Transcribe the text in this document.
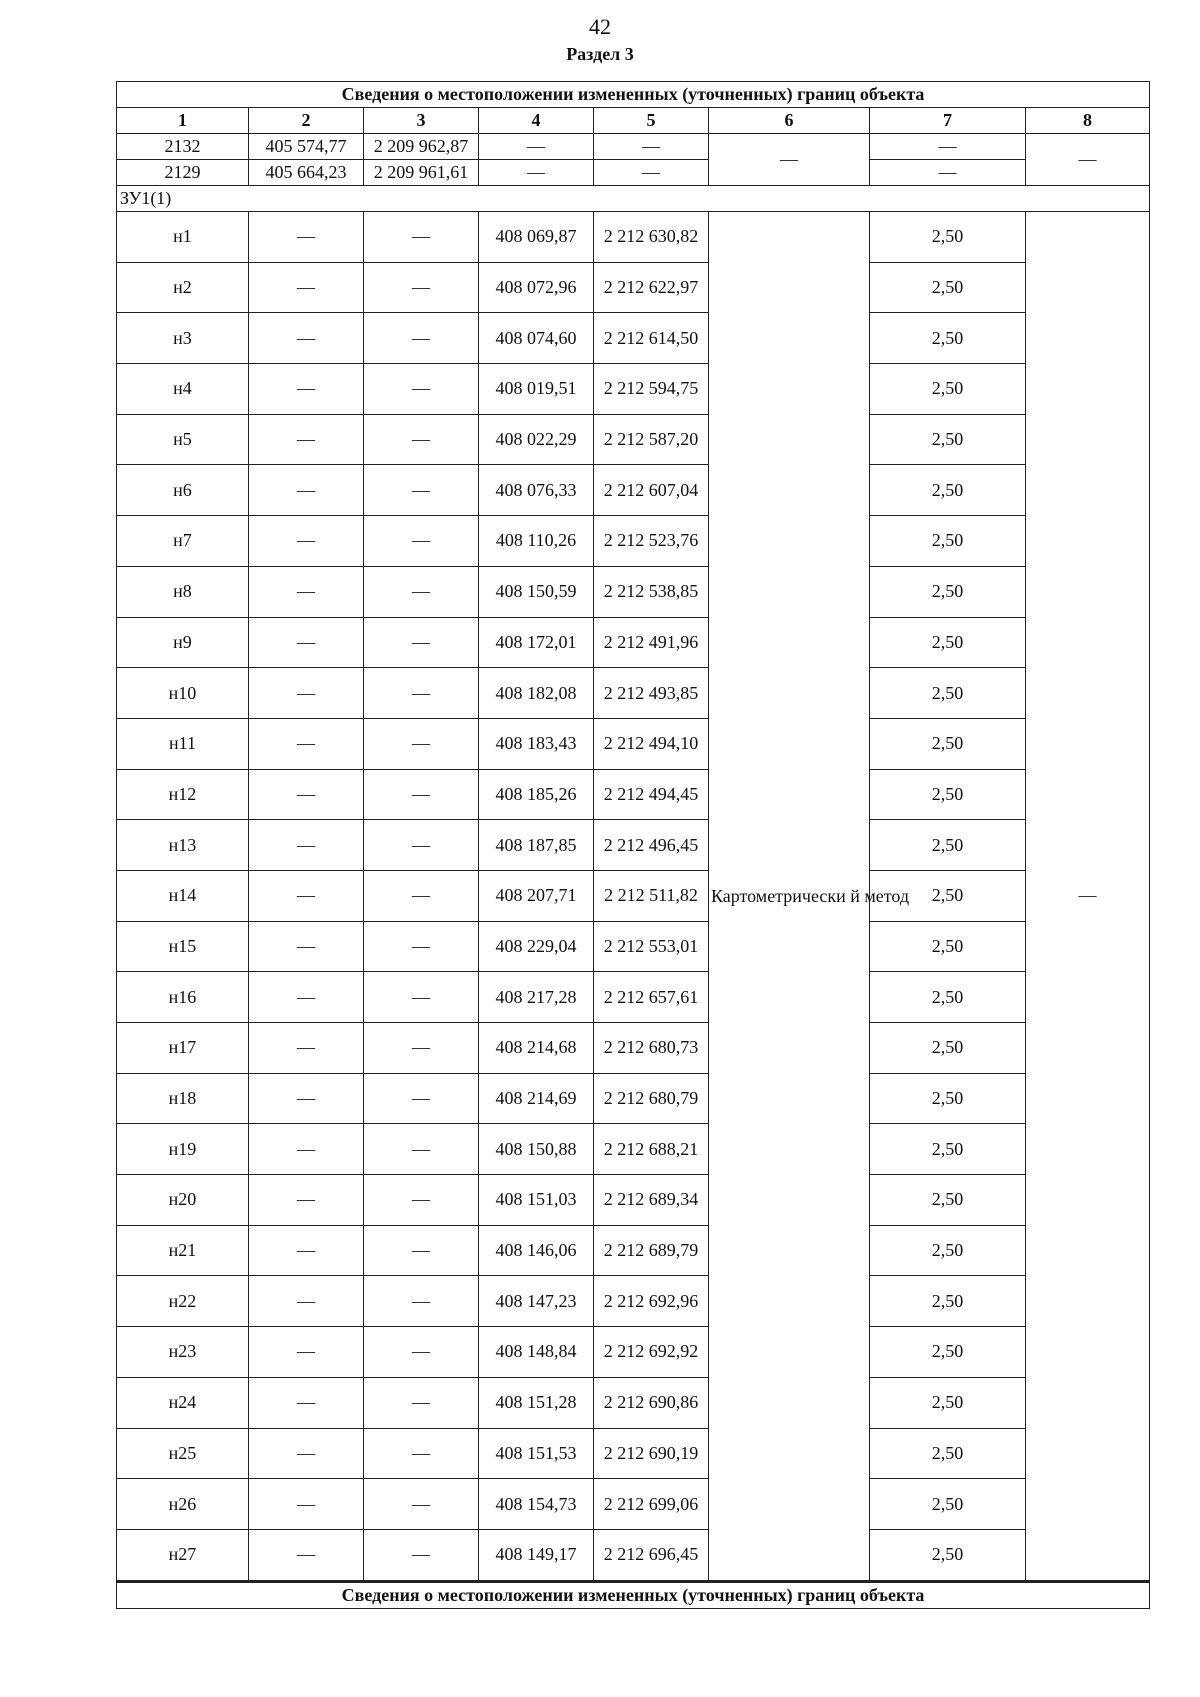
42
Раздел 3
Сведения о местоположении измененных (уточненных) границ объекта							
1	2	3	4	5	6	7	8
2132	405 574,77	2 209 962,87	—	—	—	—	—
2129	405 664,23	2 209 961,61	—	—		—	
ЗУ1(1)							
н1	—	—	408 069,87	2 212 630,82	Картометрически й метод	2,50	—
н2	—	—	408 072,96	2 212 622,97		2,50	
н3	—	—	408 074,60	2 212 614,50		2,50	
н4	—	—	408 019,51	2 212 594,75		2,50	
н5	—	—	408 022,29	2 212 587,20		2,50	
н6	—	—	408 076,33	2 212 607,04		2,50	
н7	—	—	408 110,26	2 212 523,76		2,50	
н8	—	—	408 150,59	2 212 538,85		2,50	
н9	—	—	408 172,01	2 212 491,96		2,50	
н10	—	—	408 182,08	2 212 493,85		2,50	
н11	—	—	408 183,43	2 212 494,10		2,50	
н12	—	—	408 185,26	2 212 494,45		2,50	
н13	—	—	408 187,85	2 212 496,45		2,50	
н14	—	—	408 207,71	2 212 511,82		2,50	
н15	—	—	408 229,04	2 212 553,01		2,50	
н16	—	—	408 217,28	2 212 657,61		2,50	
н17	—	—	408 214,68	2 212 680,73		2,50	
н18	—	—	408 214,69	2 212 680,79		2,50	
н19	—	—	408 150,88	2 212 688,21		2,50	
н20	—	—	408 151,03	2 212 689,34		2,50	
н21	—	—	408 146,06	2 212 689,79		2,50	
н22	—	—	408 147,23	2 212 692,96		2,50	
н23	—	—	408 148,84	2 212 692,92		2,50	
н24	—	—	408 151,28	2 212 690,86		2,50	
н25	—	—	408 151,53	2 212 690,19		2,50	
н26	—	—	408 154,73	2 212 699,06		2,50	
н27	—	—	408 149,17	2 212 696,45		2,50	
Сведения о местоположении измененных (уточненных) границ объекта							
